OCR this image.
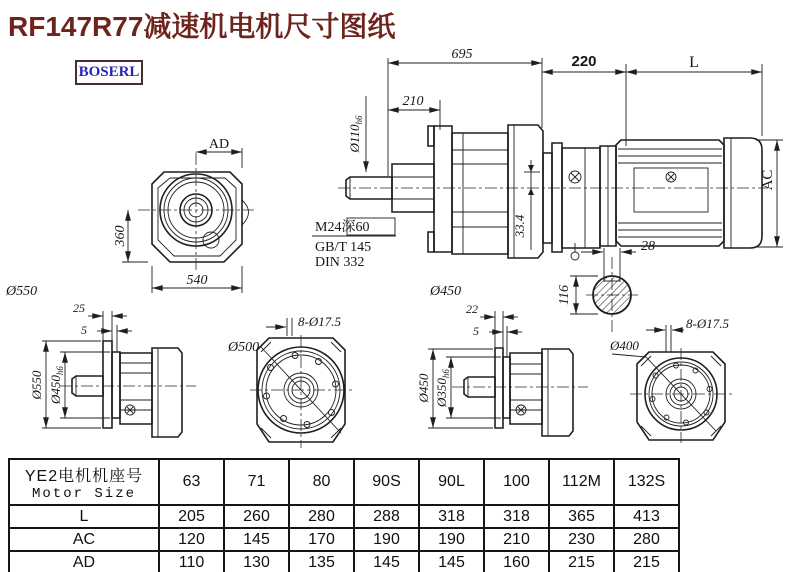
AD
360
540
Ø550	Ø450
$Ø110_{h6}$
695
210
220	L
AC
33.4
M24深60
GB/T 145
DIN 332
28
116
25
5
Ø550 $Ø450_{h6}$
8-Ø17.5
Ø500
22
5
Ø450 $Ø350_{h6}$
8-Ø17.5
Ø400
RF147R77减速机电机尺寸图纸
BOSERL
YE2电机机座号
Motor Size	63	71	80	90S	90L	100	112M	132S
L	205	260	280	288	318	318	365	413
AC	120	145	170	190	190	210	230	280
AD	110	130	135	145	145	160	215	215
